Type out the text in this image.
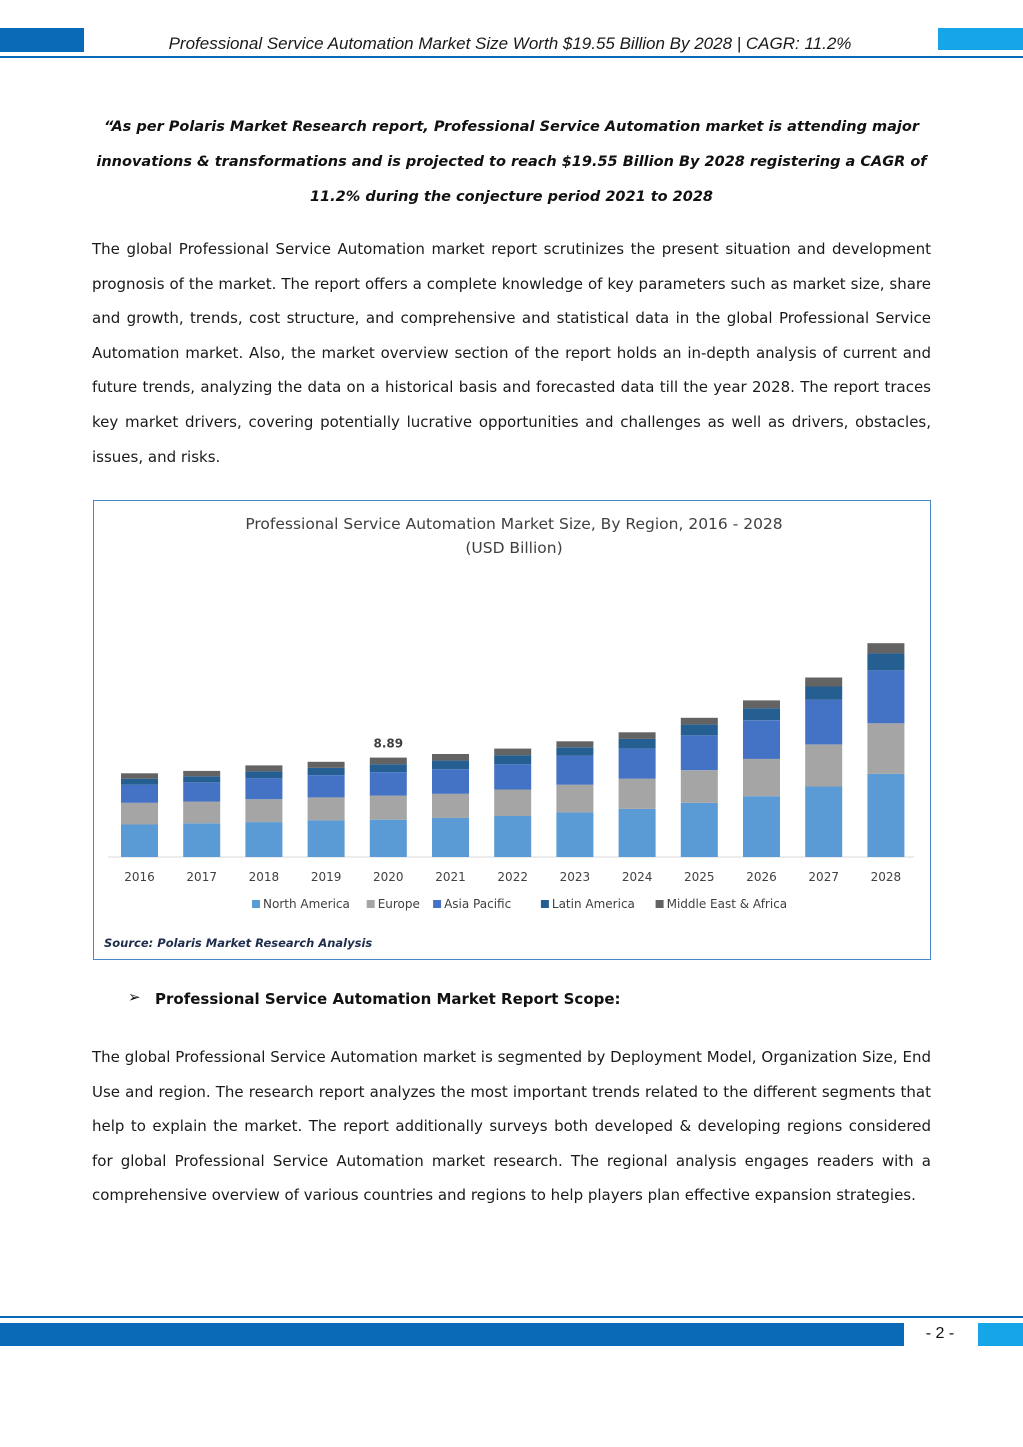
Professional Service Automation Market Size Worth $19.55 Billion By 2028 | CAGR: 11.2%
“As per Polaris Market Research report, Professional Service Automation market is attending major innovations & transformations and is projected to reach $19.55 Billion By 2028 registering a CAGR of 11.2% during the conjecture period 2021 to 2028
The global Professional Service Automation market report scrutinizes the present situation and development prognosis of the market. The report offers a complete knowledge of key parameters such as market size, share and growth, trends, cost structure, and comprehensive and statistical data in the global Professional Service Automation market. Also, the market overview section of the report holds an in-depth analysis of current and future trends, analyzing the data on a historical basis and forecasted data till the year 2028. The report traces key market drivers, covering potentially lucrative opportunities and challenges as well as drivers, obstacles, issues, and risks.
Professional Service Automation Market Size, By Region, 2016 - 2028
(USD Billion)
2016	2017	2018	2019	2020	2021	2022	2023	2024	2025	2026	2027	2028
8.89
North America Europe Asia Pacific	Latin America	Middle East & Africa
Source: Polaris Market Research Analysis
➢ Professional Service Automation Market Report Scope:
The global Professional Service Automation market is segmented by Deployment Model, Organization Size, End Use and region. The research report analyzes the most important trends related to the different segments that help to explain the market. The report additionally surveys both developed & developing regions considered for global Professional Service Automation market research. The regional analysis engages readers with a comprehensive overview of various countries and regions to help players plan effective expansion strategies.
- 2 -
